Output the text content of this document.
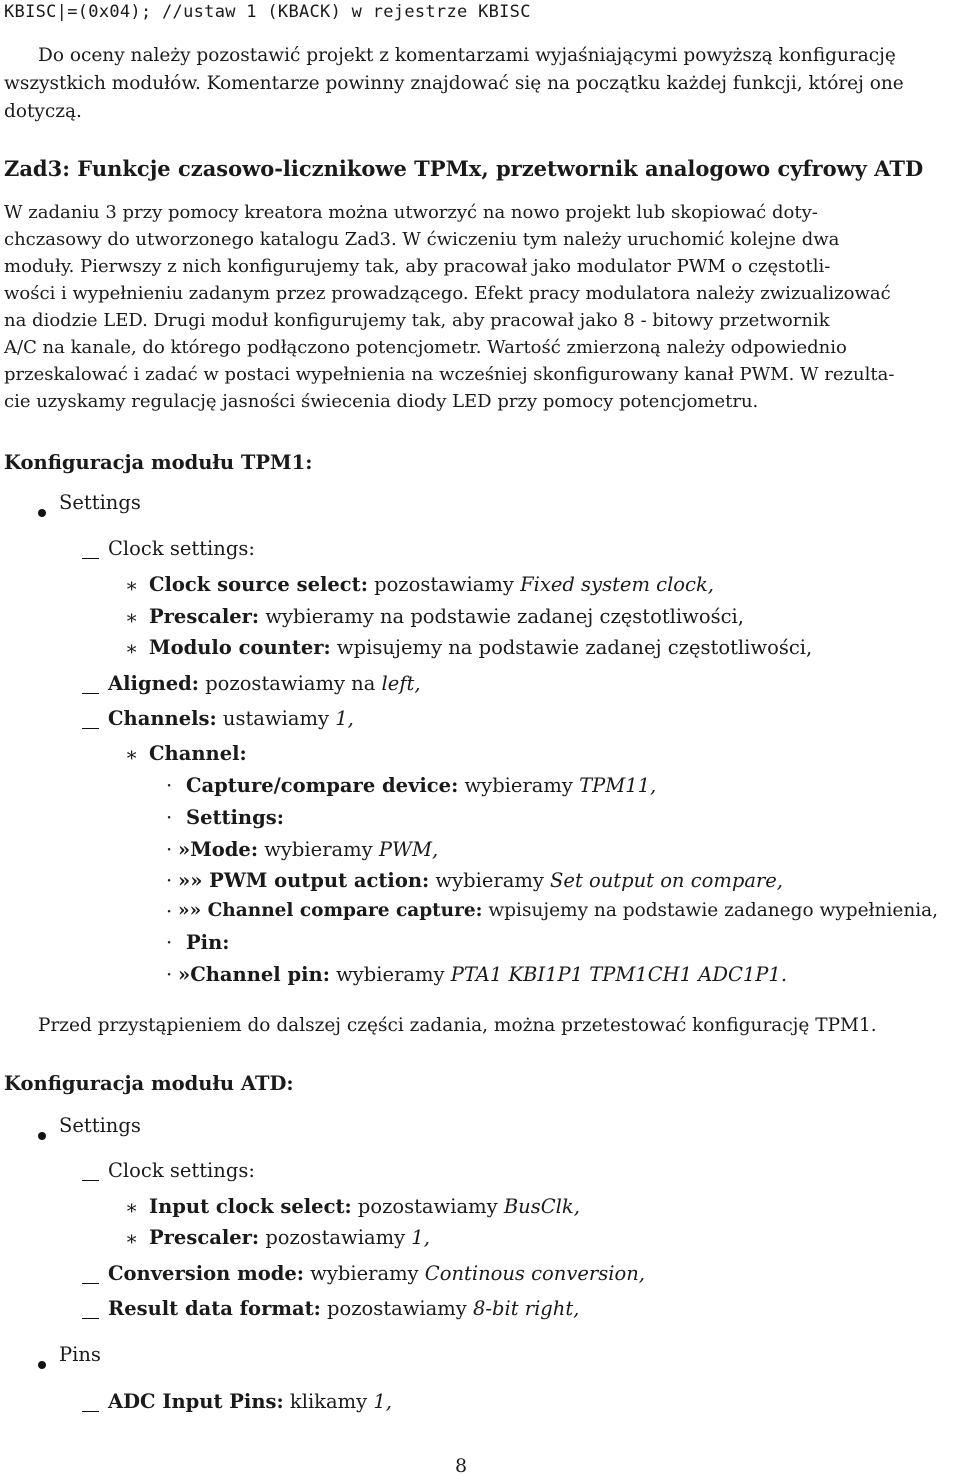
KBISC|=(0x04); //ustaw 1 (KBACK) w rejestrze KBISC
Do oceny należy pozostawić projekt z komentarzami wyjaśniającymi powyższą konfigurację
wszystkich modułów. Komentarze powinny znajdować się na początku każdej funkcji, której one
dotyczą.
Zad3: Funkcje czasowo-licznikowe TPMx, przetwornik analogowo cyfrowy ATD
W zadaniu 3 przy pomocy kreatora można utworzyć na nowo projekt lub skopiować doty-
chczasowy do utworzonego katalogu Zad3. W ćwiczeniu tym należy uruchomić kolejne dwa
moduły. Pierwszy z nich konfigurujemy tak, aby pracował jako modulator PWM o częstotli-
wości i wypełnieniu zadanym przez prowadzącego. Efekt pracy modulatora należy zwizualizować
na diodzie LED. Drugi moduł konfigurujemy tak, aby pracował jako 8 - bitowy przetwornik
A/C na kanale, do którego podłączono potencjometr. Wartość zmierzoną należy odpowiednio
przeskalować i zadać w postaci wypełnienia na wcześniej skonfigurowany kanał PWM. W rezulta-
cie uzyskamy regulację jasności świecenia diody LED przy pomocy potencjometru.
Konfiguracja modułu TPM1:
Settings
Clock settings:
∗ Clock source select: pozostawiamy Fixed system clock,
∗ Prescaler: wybieramy na podstawie zadanej częstotliwości,
∗ Modulo counter: wpisujemy na podstawie zadanej częstotliwości,
Aligned: pozostawiamy na left,
Channels: ustawiamy 1,
∗ Channel:
· Capture/compare device: wybieramy TPM11,
· Settings:
· »Mode: wybieramy PWM,
· »» PWM output action: wybieramy Set output on compare,
· »» Channel compare capture: wpisujemy na podstawie zadanego wypełnienia,
· Pin:
· »Channel pin: wybieramy PTA1 KBI1P1 TPM1CH1 ADC1P1.
Przed przystąpieniem do dalszej części zadania, można przetestować konfigurację TPM1.
Konfiguracja modułu ATD:
Settings
Clock settings:
∗ Input clock select: pozostawiamy BusClk,
∗ Prescaler: pozostawiamy 1,
Conversion mode: wybieramy Continous conversion,
Result data format: pozostawiamy 8-bit right,
Pins
ADC Input Pins: klikamy 1,
8
